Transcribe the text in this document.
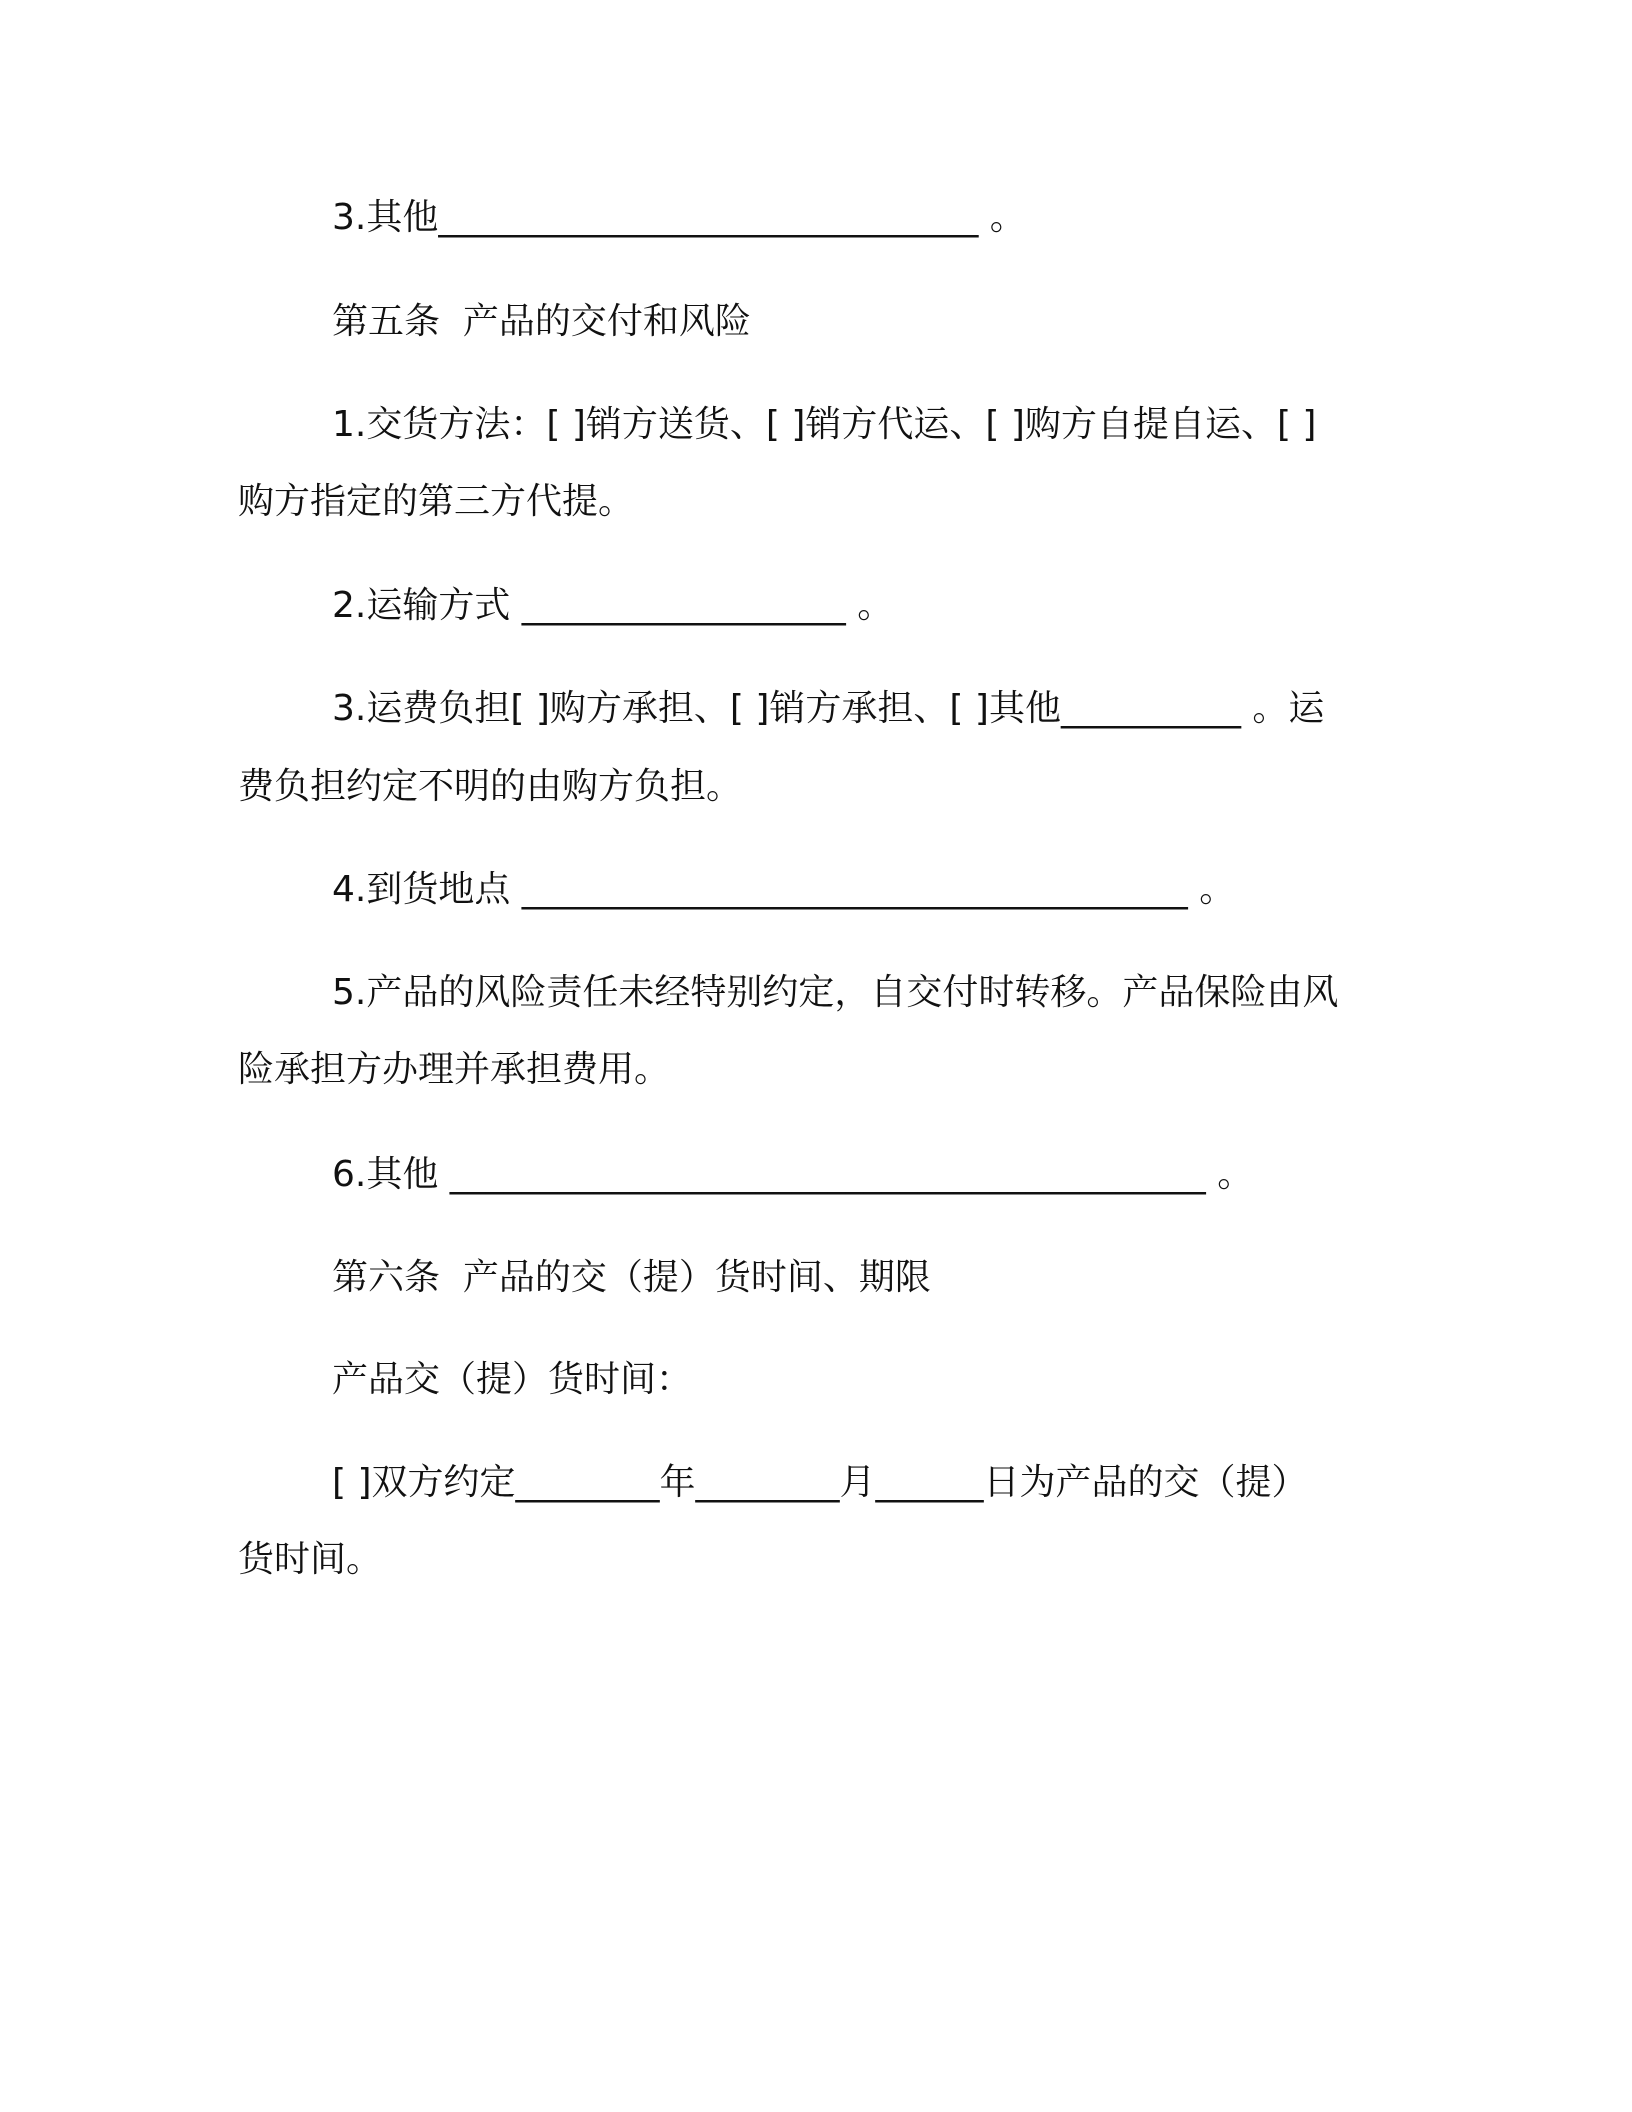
3.其他______________________________ 。
第五条  产品的交付和风险
1.交货方法：[ ]销方送货、[ ]销方代运、[ ]购方自提自运、[ ]
购方指定的第三方代提。
2.运输方式 __________________ 。
3.运费负担[ ]购方承担、[ ]销方承担、[ ]其他__________ 。运
费负担约定不明的由购方负担。
4.到货地点 _____________________________________ 。
5.产品的风险责任未经特别约定，自交付时转移。产品保险由风
险承担方办理并承担费用。
6.其他 __________________________________________ 。
第六条  产品的交（提）货时间、期限
产品交（提）货时间：
[ ]双方约定________年________月______日为产品的交（提）
货时间。
